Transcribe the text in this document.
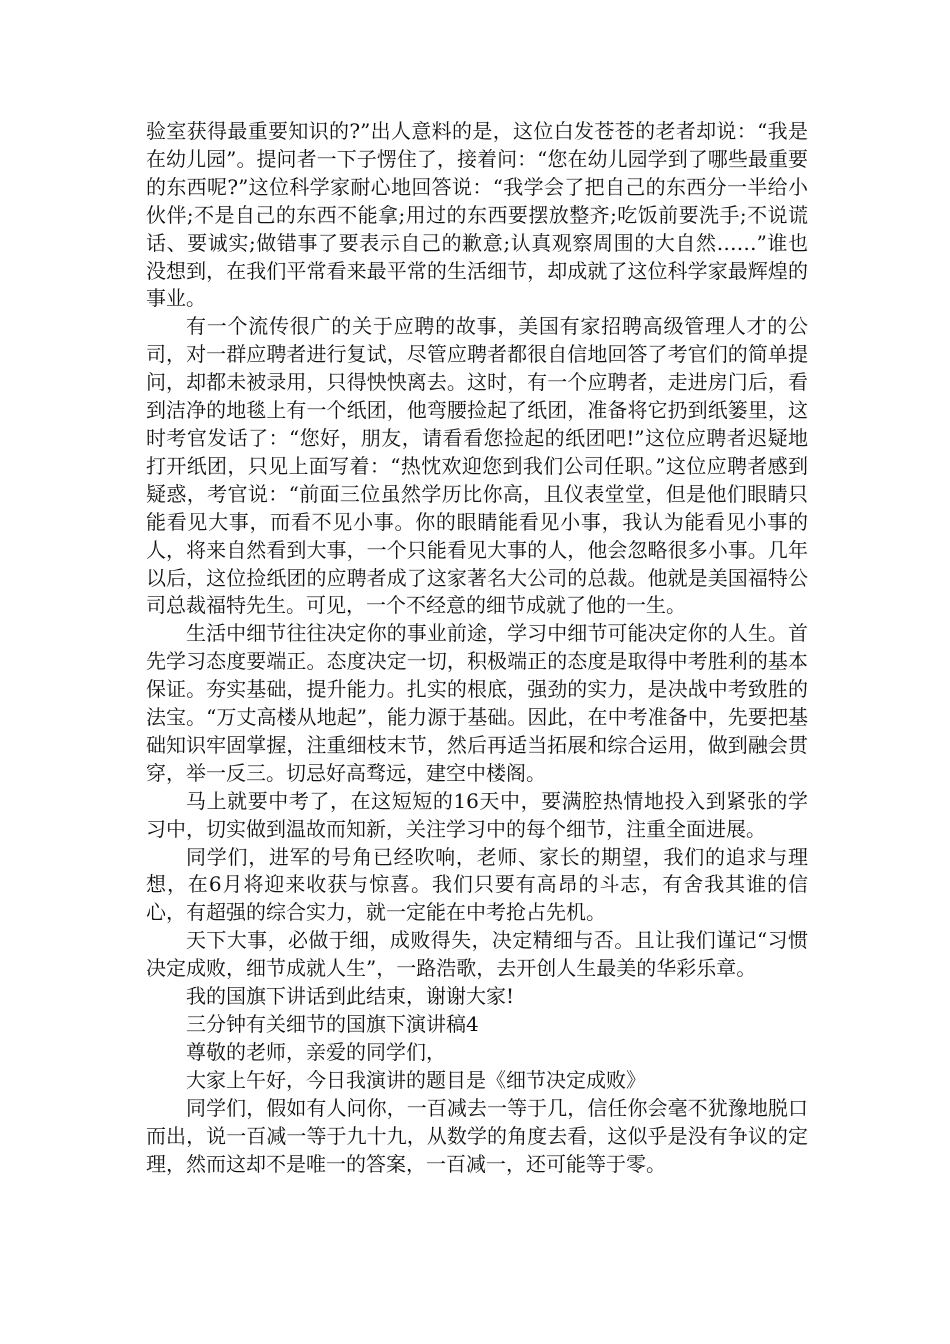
验室获得最重要知识的?”出人意料的是，这位白发苍苍的老者却说：“我是在幼儿园”。提问者一下子愣住了，接着问：“您在幼儿园学到了哪些最重要的东西呢?”这位科学家耐心地回答说：“我学会了把自己的东西分一半给小伙伴;不是自己的东西不能拿;用过的东西要摆放整齐;吃饭前要洗手;不说谎话、要诚实;做错事了要表示自己的歉意;认真观察周围的大自然……”谁也没想到，在我们平常看来最平常的生活细节，却成就了这位科学家最辉煌的事业。

有一个流传很广的关于应聘的故事，美国有家招聘高级管理人才的公司，对一群应聘者进行复试，尽管应聘者都很自信地回答了考官们的简单提问，却都未被录用，只得怏怏离去。这时，有一个应聘者，走进房门后，看到洁净的地毯上有一个纸团，他弯腰捡起了纸团，准备将它扔到纸篓里，这时考官发话了：“您好，朋友，请看看您捡起的纸团吧!”这位应聘者迟疑地打开纸团，只见上面写着：“热忱欢迎您到我们公司任职。”这位应聘者感到疑惑，考官说：“前面三位虽然学历比你高，且仪表堂堂，但是他们眼睛只能看见大事，而看不见小事。你的眼睛能看见小事，我认为能看见小事的人，将来自然看到大事，一个只能看见大事的人，他会忽略很多小事。几年以后，这位捡纸团的应聘者成了这家著名大公司的总裁。他就是美国福特公司总裁福特先生。可见，一个不经意的细节成就了他的一生。

生活中细节往往决定你的事业前途，学习中细节可能决定你的人生。首先学习态度要端正。态度决定一切，积极端正的态度是取得中考胜利的基本保证。夯实基础，提升能力。扎实的根底，强劲的实力，是决战中考致胜的法宝。“万丈高楼从地起”，能力源于基础。因此，在中考准备中，先要把基础知识牢固掌握，注重细枝末节，然后再适当拓展和综合运用，做到融会贯穿，举一反三。切忌好高骛远，建空中楼阁。

马上就要中考了，在这短短的16天中，要满腔热情地投入到紧张的学习中，切实做到温故而知新，关注学习中的每个细节，注重全面进展。

同学们，进军的号角已经吹响，老师、家长的期望，我们的追求与理想，在6月将迎来收获与惊喜。我们只要有高昂的斗志，有舍我其谁的信心，有超强的综合实力，就一定能在中考抢占先机。

天下大事，必做于细，成败得失，决定精细与否。且让我们谨记“习惯决定成败，细节成就人生”，一路浩歌，去开创人生最美的华彩乐章。

我的国旗下讲话到此结束，谢谢大家!

三分钟有关细节的国旗下演讲稿4

尊敬的老师，亲爱的同学们，

大家上午好，今日我演讲的题目是《细节决定成败》

同学们，假如有人问你，一百减去一等于几，信任你会毫不犹豫地脱口而出，说一百减一等于九十九，从数学的角度去看，这似乎是没有争议的定理，然而这却不是唯一的答案，一百减一，还可能等于零。
